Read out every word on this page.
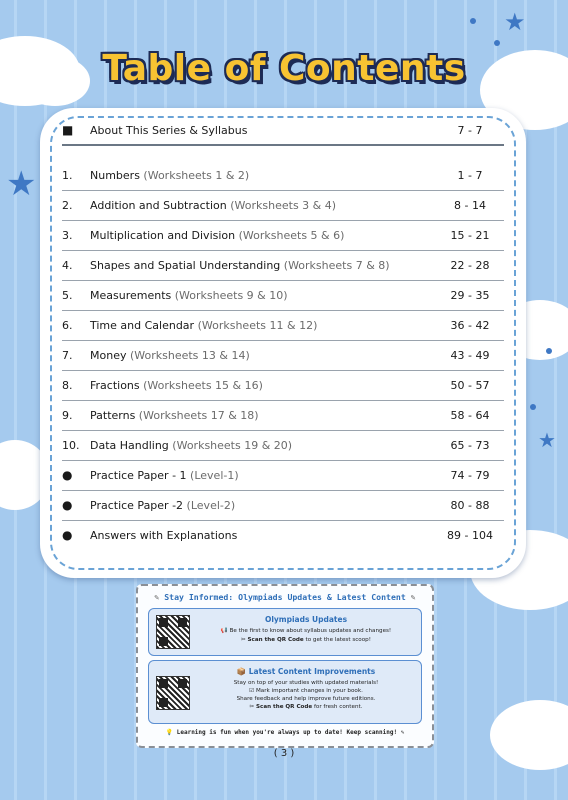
★
★
★
Table of Contents
■	About This Series & Syllabus	7 - 7
1.	Numbers (Worksheets 1 & 2)	1 - 7
2.	Addition and Subtraction (Worksheets 3 & 4)	8 - 14
3.	Multiplication and Division (Worksheets 5 & 6)	15 - 21
4.	Shapes and Spatial Understanding (Worksheets 7 & 8)	22 - 28
5.	Measurements (Worksheets 9 & 10)	29 - 35
6.	Time and Calendar (Worksheets 11 & 12)	36 - 42
7.	Money (Worksheets 13 & 14)	43 - 49
8.	Fractions (Worksheets 15 & 16)	50 - 57
9.	Patterns (Worksheets 17 & 18)	58 - 64
10. Data Handling (Worksheets 19 & 20)	65 - 73
●	Practice Paper - 1 (Level-1)	74 - 79
●	Practice Paper -2 (Level-2)	80 - 88
●	Answers with Explanations	89 - 104
✎ Stay Informed: Olympiads Updates & Latest Content ✎
Olympiads Updates
📢 Be the first to know about syllabus updates and changes!
✂ Scan the QR Code to get the latest scoop!
📦 Latest Content Improvements
Stay on top of your studies with updated materials!
☑ Mark important changes in your book.
Share feedback and help improve future editions.
✂ Scan the QR Code for fresh content.
💡 Learning is fun when you're always up to date! Keep scanning! ✎
( 3 )
